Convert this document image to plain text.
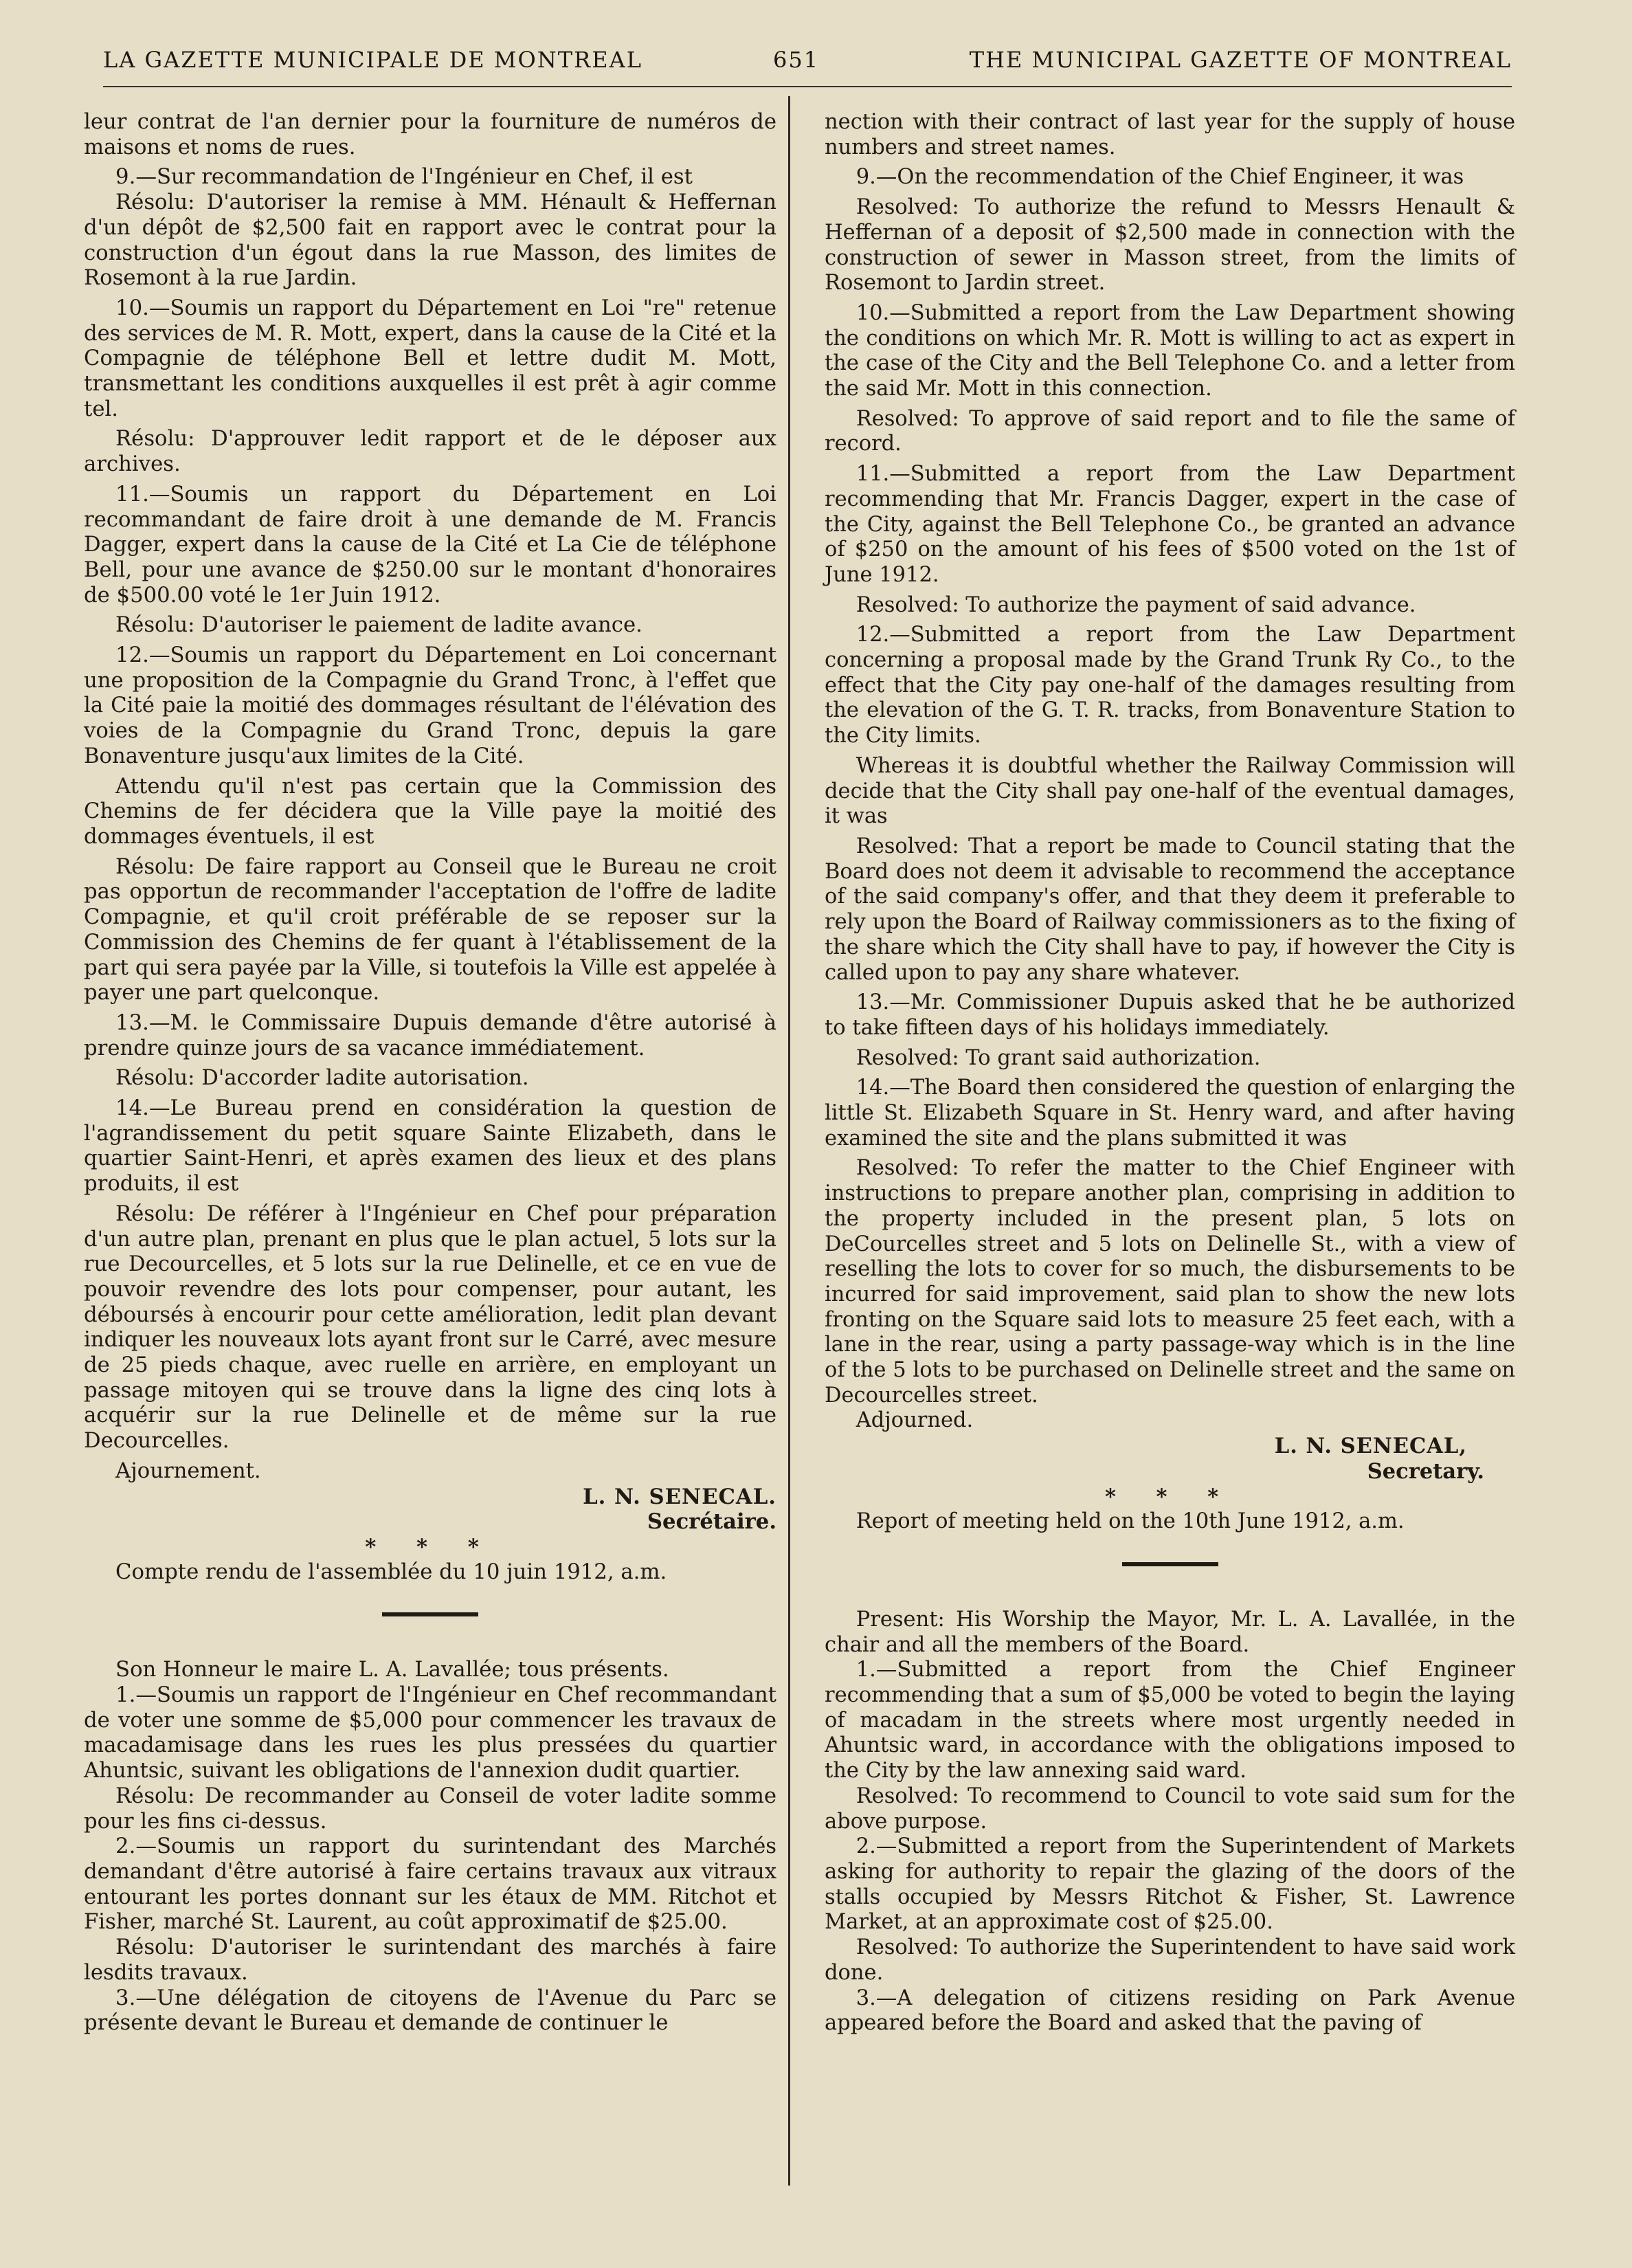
LA GAZETTE MUNICIPALE DE MONTREAL	651	THE MUNICIPAL GAZETTE OF MONTREAL

leur contrat de l'an dernier pour la fourniture de numéros de maisons et noms de rues.

9.—Sur recommandation de l'Ingénieur en Chef, il est

Résolu: D'autoriser la remise à MM. Hénault & Heffernan d'un dépôt de $2,500 fait en rapport avec le contrat pour la construction d'un égout dans la rue Masson, des limites de Rosemont à la rue Jardin.

10.—Soumis un rapport du Département en Loi "re" retenue des services de M. R. Mott, expert, dans la cause de la Cité et la Compagnie de téléphone Bell et lettre dudit M. Mott, transmettant les conditions auxquelles il est prêt à agir comme tel.

Résolu: D'approuver ledit rapport et de le déposer aux archives.

11.—Soumis un rapport du Département en Loi recommandant de faire droit à une demande de M. Francis Dagger, expert dans la cause de la Cité et La Cie de téléphone Bell, pour une avance de $250.00 sur le montant d'honoraires de $500.00 voté le 1er Juin 1912.

Résolu: D'autoriser le paiement de ladite avance.

12.—Soumis un rapport du Département en Loi concernant une proposition de la Compagnie du Grand Tronc, à l'effet que la Cité paie la moitié des dommages résultant de l'élévation des voies de la Compagnie du Grand Tronc, depuis la gare Bonaventure jusqu'aux limites de la Cité.

Attendu qu'il n'est pas certain que la Commission des Chemins de fer décidera que la Ville paye la moitié des dommages éventuels, il est

Résolu: De faire rapport au Conseil que le Bureau ne croit pas opportun de recommander l'acceptation de l'offre de ladite Compagnie, et qu'il croit préférable de se reposer sur la Commission des Chemins de fer quant à l'établissement de la part qui sera payée par la Ville, si toutefois la Ville est appelée à payer une part quelconque.

13.—M. le Commissaire Dupuis demande d'être autorisé à prendre quinze jours de sa vacance immédiatement.

Résolu: D'accorder ladite autorisation.

14.—Le Bureau prend en considération la question de l'agrandissement du petit square Sainte Elizabeth, dans le quartier Saint-Henri, et après examen des lieux et des plans produits, il est

Résolu: De référer à l'Ingénieur en Chef pour préparation d'un autre plan, prenant en plus que le plan actuel, 5 lots sur la rue Decourcelles, et 5 lots sur la rue Delinelle, et ce en vue de pouvoir revendre des lots pour compenser, pour autant, les déboursés à encourir pour cette amélioration, ledit plan devant indiquer les nouveaux lots ayant front sur le Carré, avec mesure de 25 pieds chaque, avec ruelle en arrière, en employant un passage mitoyen qui se trouve dans la ligne des cinq lots à acquérir sur la rue Delinelle et de même sur la rue Decourcelles.

Ajournement.

L. N. SENECAL.

Secrétaire.

* * *

Compte rendu de l'assemblée du 10 juin 1912, a.m.

Son Honneur le maire L. A. Lavallée; tous présents.

1.—Soumis un rapport de l'Ingénieur en Chef recommandant de voter une somme de $5,000 pour commencer les travaux de macadamisage dans les rues les plus pressées du quartier Ahuntsic, suivant les obligations de l'annexion dudit quartier.

Résolu: De recommander au Conseil de voter ladite somme pour les fins ci-dessus.

2.—Soumis un rapport du surintendant des Marchés demandant d'être autorisé à faire certains travaux aux vitraux entourant les portes donnant sur les étaux de MM. Ritchot et Fisher, marché St. Laurent, au coût approximatif de $25.00.

Résolu: D'autoriser le surintendant des marchés à faire lesdits travaux.

3.—Une délégation de citoyens de l'Avenue du Parc se présente devant le Bureau et demande de continuer le

nection with their contract of last year for the supply of house numbers and street names.

9.—On the recommendation of the Chief Engineer, it was

Resolved: To authorize the refund to Messrs Henault & Heffernan of a deposit of $2,500 made in connection with the construction of sewer in Masson street, from the limits of Rosemont to Jardin street.

10.—Submitted a report from the Law Department showing the conditions on which Mr. R. Mott is willing to act as expert in the case of the City and the Bell Telephone Co. and a letter from the said Mr. Mott in this connection.

Resolved: To approve of said report and to file the same of record.

11.—Submitted a report from the Law Department recommending that Mr. Francis Dagger, expert in the case of the City, against the Bell Telephone Co., be granted an advance of $250 on the amount of his fees of $500 voted on the 1st of June 1912.

Resolved: To authorize the payment of said advance.

12.—Submitted a report from the Law Department concerning a proposal made by the Grand Trunk Ry Co., to the effect that the City pay one-half of the damages resulting from the elevation of the G. T. R. tracks, from Bonaventure Station to the City limits.

Whereas it is doubtful whether the Railway Commission will decide that the City shall pay one-half of the eventual damages, it was

Resolved: That a report be made to Council stating that the Board does not deem it advisable to recommend the acceptance of the said company's offer, and that they deem it preferable to rely upon the Board of Railway commissioners as to the fixing of the share which the City shall have to pay, if however the City is called upon to pay any share whatever.

13.—Mr. Commissioner Dupuis asked that he be authorized to take fifteen days of his holidays immediately.

Resolved: To grant said authorization.

14.—The Board then considered the question of enlarging the little St. Elizabeth Square in St. Henry ward, and after having examined the site and the plans submitted it was

Resolved: To refer the matter to the Chief Engineer with instructions to prepare another plan, comprising in addition to the property included in the present plan, 5 lots on DeCourcelles street and 5 lots on Delinelle St., with a view of reselling the lots to cover for so much, the disbursements to be incurred for said improvement, said plan to show the new lots fronting on the Square said lots to measure 25 feet each, with a lane in the rear, using a party passage-way which is in the line of the 5 lots to be purchased on Delinelle street and the same on Decourcelles street.

Adjourned.

L. N. SENECAL,

Secretary.

* * *

Report of meeting held on the 10th June 1912, a.m.

Present: His Worship the Mayor, Mr. L. A. Lavallée, in the chair and all the members of the Board.

1.—Submitted a report from the Chief Engineer recommending that a sum of $5,000 be voted to begin the laying of macadam in the streets where most urgently needed in Ahuntsic ward, in accordance with the obligations imposed to the City by the law annexing said ward.

Resolved: To recommend to Council to vote said sum for the above purpose.

2.—Submitted a report from the Superintendent of Markets asking for authority to repair the glazing of the doors of the stalls occupied by Messrs Ritchot & Fisher, St. Lawrence Market, at an approximate cost of $25.00.

Resolved: To authorize the Superintendent to have said work done.

3.—A delegation of citizens residing on Park Avenue appeared before the Board and asked that the paving of
